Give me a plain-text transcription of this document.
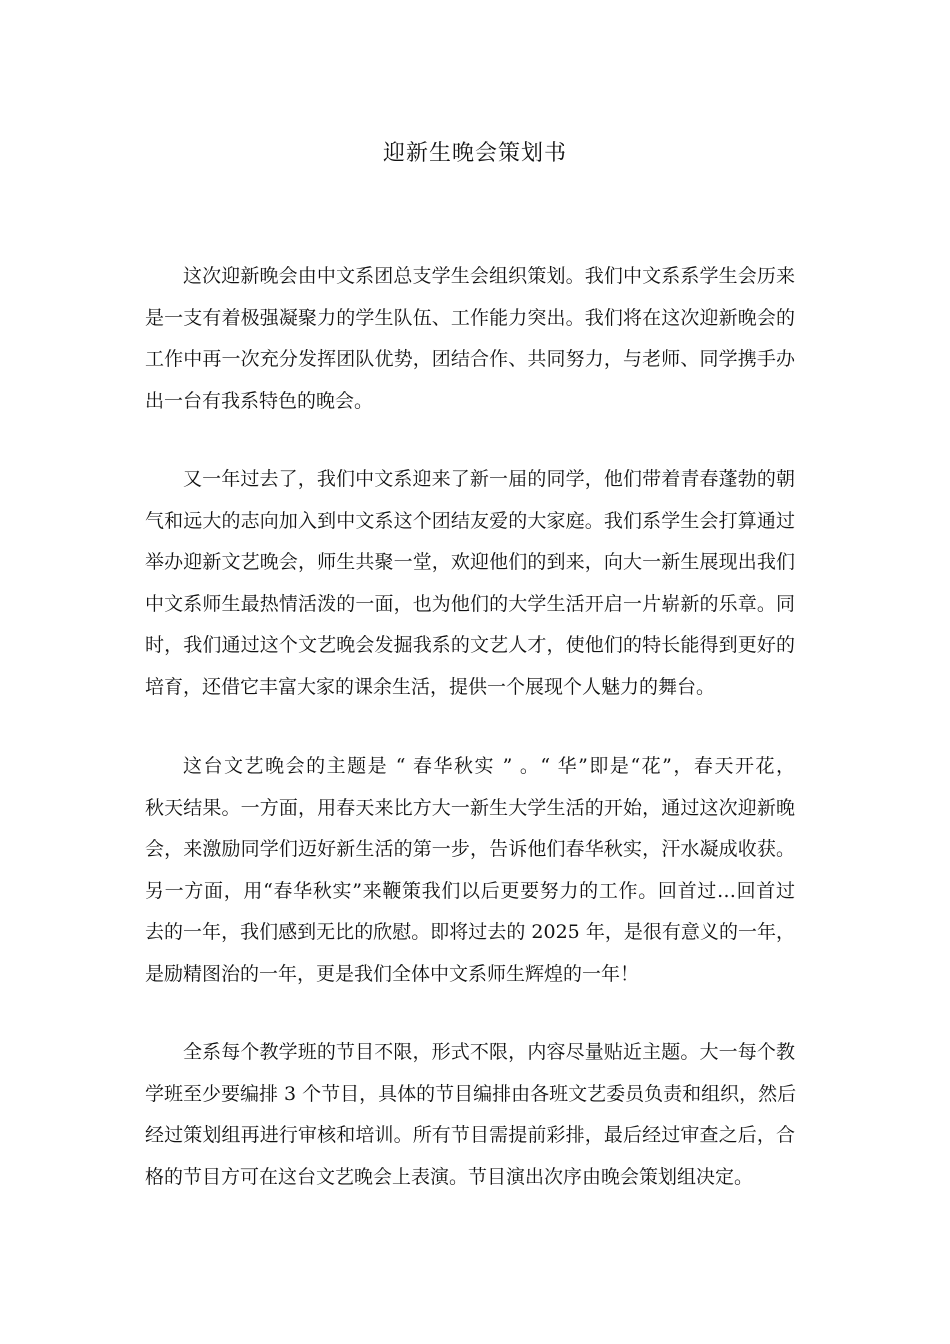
迎新生晚会策划书
这次迎新晚会由中文系团总支学生会组织策划。我们中文系系学生会历来
是一支有着极强凝聚力的学生队伍、工作能力突出。我们将在这次迎新晚会的
工作中再一次充分发挥团队优势，团结合作、共同努力，与老师、同学携手办
出一台有我系特色的晚会。
又一年过去了，我们中文系迎来了新一届的同学，他们带着青春蓬勃的朝
气和远大的志向加入到中文系这个团结友爱的大家庭。我们系学生会打算通过
举办迎新文艺晚会，师生共聚一堂，欢迎他们的到来，向大一新生展现出我们
中文系师生最热情活泼的一面，也为他们的大学生活开启一片崭新的乐章。同
时，我们通过这个文艺晚会发掘我系的文艺人才，使他们的特长能得到更好的
培育，还借它丰富大家的课余生活，提供一个展现个人魅力的舞台。
这台文艺晚会的主题是 “ 春华秋实 ” 。“ 华”即是“花”，春天开花，
秋天结果。一方面，用春天来比方大一新生大学生活的开始，通过这次迎新晚
会，来激励同学们迈好新生活的第一步，告诉他们春华秋实，汗水凝成收获。
另一方面，用“春华秋实”来鞭策我们以后更要努力的工作。回首过…回首过
去的一年，我们感到无比的欣慰。即将过去的 2025 年，是很有意义的一年，
是励精图治的一年，更是我们全体中文系师生辉煌的一年！
全系每个教学班的节目不限，形式不限，内容尽量贴近主题。大一每个教
学班至少要编排 3 个节目，具体的节目编排由各班文艺委员负责和组织，然后
经过策划组再进行审核和培训。所有节目需提前彩排，最后经过审查之后，合
格的节目方可在这台文艺晚会上表演。节目演出次序由晚会策划组决定。
